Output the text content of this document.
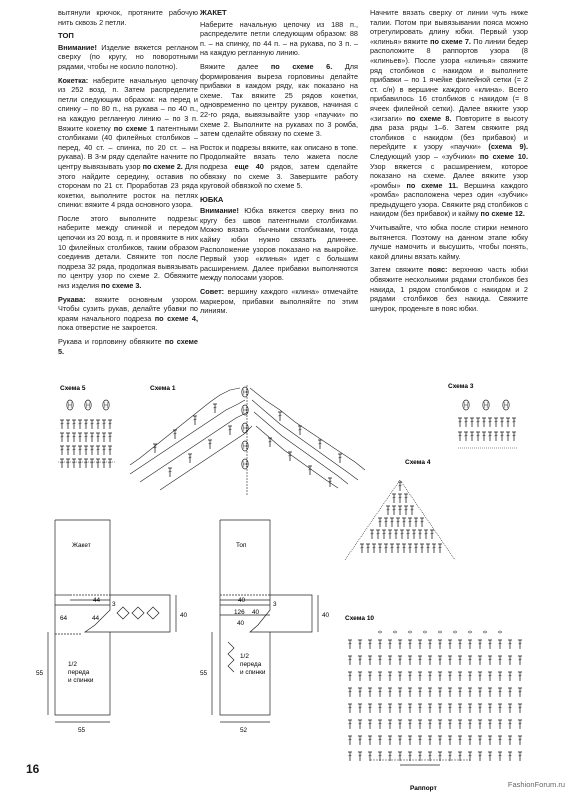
вытянули крючок, протяните рабочую нить сквозь 2 петли.

ТОП

Внимание! Изделие вяжется регланом сверху (по кругу, но поворотными рядами, чтобы не косило полотно).

Кокетка: наберите начальную цепочку из 252 возд. п. Затем распределите петли следующим образом: на перед и спинку – по 80 п., на рукава – по 40 п., на каждую регланную линию – по 3 п. Вяжите кокетку по схеме 1 патентными столбиками (40 филейных столбиков – перед, 40 ст. – спинка, по 20 ст. – на рукава). В 3-м ряду сделайте начните по центру вывязывать узор по схеме 2. Для этого найдите середину, оставив по сторонам по 21 ст. Проработав 23 ряда кокетки, выполните росток на петлях спинки: вяжите 4 ряда основного узора.

После этого выполните подрезы: наберите между спинкой и передом цепочки из 20 возд. п. и провяжите в них 10 филейных столбиков, таким образом соединив детали. Свяжите топ после подреза 32 ряда, продолжая вывязывать по центру узор по схеме 2. Обвяжите низ изделия по схеме 3.

Рукава: вяжите основным узором. Чтобы сузить рукав, делайте убавки по краям начального подреза по схеме 4, пока отверстие не закроется.

Рукава и горловину обвяжите по схеме 5.

ЖАКЕТ

Наберите начальную цепочку из 188 п., распределите петли следующим образом: 88 п. – на спинку, по 44 п. – на рукава, по 3 п. – на каждую регланную линию.

Вяжите далее по схеме 6. Для формирования выреза горловины делайте прибавки в каждом ряду, как показано на схеме. Так вяжите 25 рядов кокетки, одновременно по центру рукавов, начиная с 22-го ряда, вывязывайте узор «паучки» по схеме 2. Выполните на рукавах по 3 ромба, затем сделайте обвязку по схеме 3.

Росток и подрезы вяжите, как описано в топе. Продолжайте вязать тело жакета после подреза еще 40 рядов, затем сделайте обвязку по схеме 3. Завершите работу круговой обвязкой по схеме 5.

ЮБКА

Внимание! Юбка вяжется сверху вниз по кругу без швов патентными столбиками. Можно вязать обычными столбиками, тогда кайму юбки нужно связать длиннее. Расположение узоров показано на выкройке. Первый узор «клинья» идет с большим расширением. Далее прибавки выполняются между полосами узоров.

Совет: вершину каждого «клина» отмечайте маркером, прибавки выполняйте по этим линиям.

Начните вязать сверху от линии чуть ниже талии. Потом при вывязывании пояса можно отрегулировать длину юбки. Первый узор «клинья» вяжите по схеме 7. По линии бедер расположите 8 раппортов узора (8 «клиньев»). После узора «клинья» свяжите ряд столбиков с накидом и выполните прибавки – по 1 ячейке филейной сетки (= 2 ст. с/н) в вершине каждого «клина». Всего прибавилось 16 столбиков с накидом (= 8 ячеек филейной сетки). Далее вяжите узор «зигзаги» по схеме 8. Повторите в высоту два раза ряды 1–6. Затем свяжите ряд столбиков с накидом (без прибавок) и перейдите к узору «паучки» (схема 9). Следующий узор – «зубчики» по схеме 10. Узор вяжется с расширением, которое показано на схеме. Далее вяжите узор «ромбы» по схеме 11. Вершина каждого «ромба» расположена через один «зубчик» предыдущего узора. Свяжите ряд столбиков с накидом (без прибавок) и кайму по схеме 12.

Учитывайте, что юбка после стирки немного вытянется. Поэтому на данном этапе юбку лучше намочить и высушить, чтобы понять, какой длины вязать кайму.

Затем свяжите пояс: верхнюю часть юбки обвяжите несколькими рядами столбиков без накида, 1 рядом столбиков с накидом и 2 рядами столбиков без накида. Свяжите шнурок, проденьте в пояс юбки.

Схема 5	Схема 1	Схема 3
Схема 4
Схема 10
Раппорт
Жакет
44
3
64	44	40
1/2 переда и спинки
55
55
Топ
40
3
126 40
40
40
1/2 переда и спинки
55
52
16
FashionForum.ru
